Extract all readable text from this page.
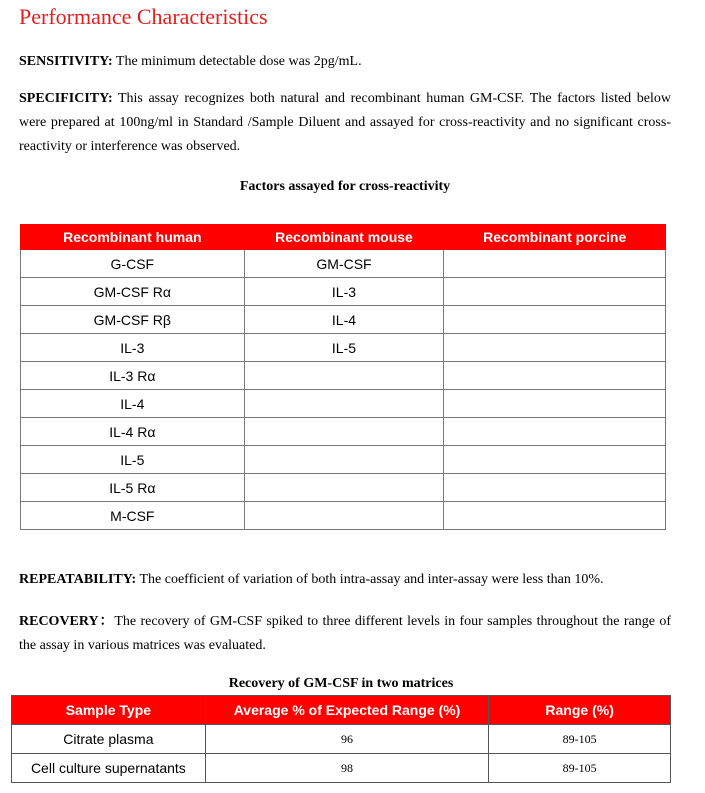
Performance Characteristics

SENSITIVITY: The minimum detectable dose was 2pg/mL.

SPECIFICITY: This assay recognizes both natural and recombinant human GM-CSF. The factors listed below were prepared at 100ng/ml in Standard /Sample Diluent and assayed for cross-reactivity and no significant cross-reactivity or interference was observed.

Factors assayed for cross-reactivity

Recombinant human	Recombinant mouse	Recombinant porcine
G-CSF	GM-CSF	
GM-CSF Rα	IL-3	
GM-CSF Rβ	IL-4	
IL-3	IL-5	
IL-3 Rα		
IL-4		
IL-4 Rα		
IL-5		
IL-5 Rα		
M-CSF		

REPEATABILITY: The coefficient of variation of both intra-assay and inter-assay were less than 10%.

RECOVERY：The recovery of GM-CSF spiked to three different levels in four samples throughout the range of the assay in various matrices was evaluated.

Recovery of GM-CSF in two matrices

Sample Type	Average % of Expected Range (%)	Range (%)
Citrate plasma	96	89-105
Cell culture supernatants	98	89-105
